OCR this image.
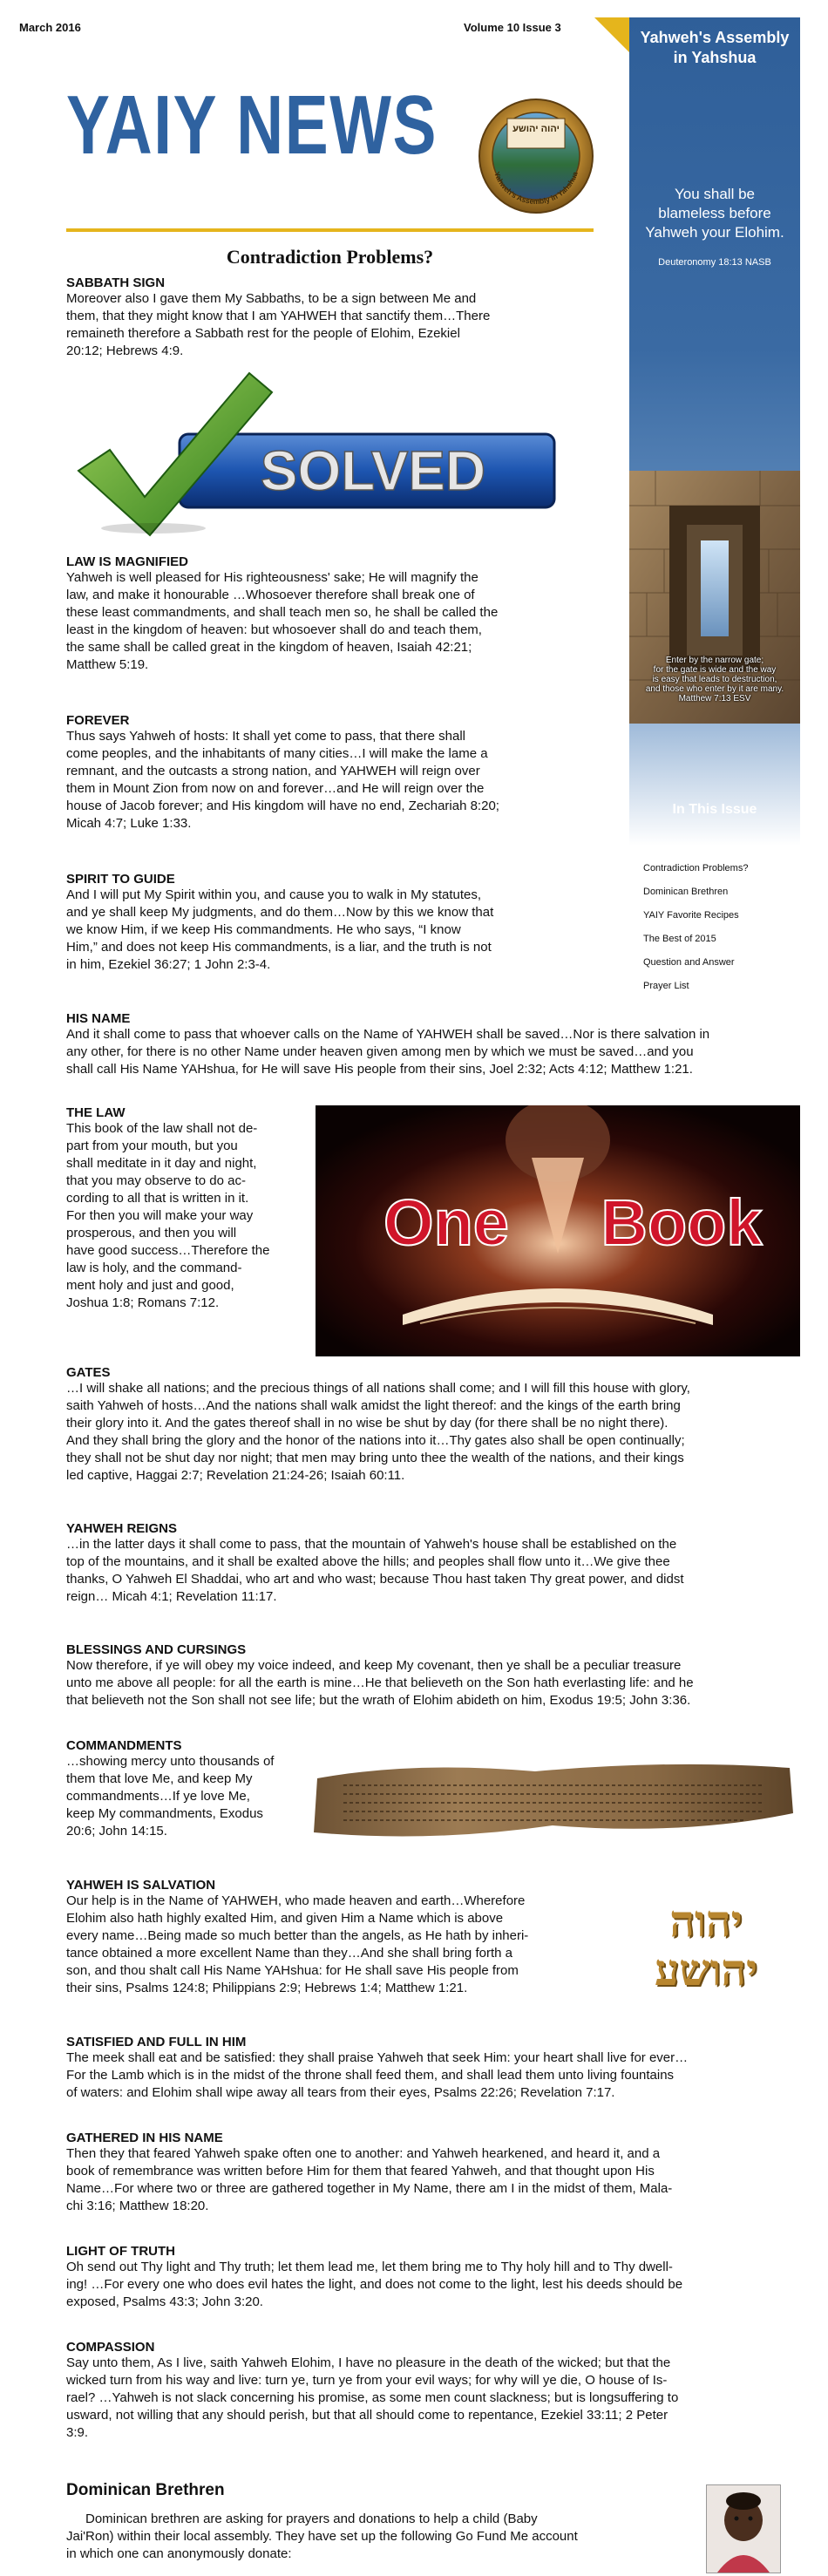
March 2016	Volume 10 Issue 3
YAIY NEWS	יהוה יהושע
Yahweh's Assembly in Yahshua
Contradiction Problems?
Yahweh's Assembly
in Yahshua
You shall be
blameless before
Yahweh your Elohim.
Deuteronomy 18:13 NASB
Enter by the narrow gate;
for the gate is wide and the way
is easy that leads to destruction,
and those who enter by it are many.
Matthew 7:13 ESV
In This Issue

Contradiction Problems?

Dominican Brethren

YAIY Favorite Recipes

The Best of 2015

Question and Answer

Prayer List

SOLVED
SABBATH SIGN

Moreover also I gave them My Sabbaths, to be a sign between Me and

them, that they might know that I am YAHWEH that sanctify them…There

remaineth therefore a Sabbath rest for the people of Elohim, Ezekiel

20:12; Hebrews 4:9.

LAW IS MAGNIFIED

Yahweh is well pleased for His righteousness' sake; He will magnify the

law, and make it honourable …Whosoever therefore shall break one of

these least commandments, and shall teach men so, he shall be called the

least in the kingdom of heaven: but whosoever shall do and teach them,

the same shall be called great in the kingdom of heaven, Isaiah 42:21;

Matthew 5:19.

FOREVER

Thus says Yahweh of hosts: It shall yet come to pass, that there shall

come peoples, and the inhabitants of many cities…I will make the lame a

remnant, and the outcasts a strong nation, and YAHWEH will reign over

them in Mount Zion from now on and forever…and He will reign over the

house of Jacob forever; and His kingdom will have no end, Zechariah 8:20;

Micah 4:7; Luke 1:33.

SPIRIT TO GUIDE

And I will put My Spirit within you, and cause you to walk in My statutes,

and ye shall keep My judgments, and do them…Now by this we know that

we know Him, if we keep His commandments. He who says, “I know

Him,” and does not keep His commandments, is a liar, and the truth is not

in him, Ezekiel 36:27; 1 John 2:3-4.

HIS NAME

And it shall come to pass that whoever calls on the Name of YAHWEH shall be saved…Nor is there salvation in

any other, for there is no other Name under heaven given among men by which we must be saved…and you

shall call His Name YAHshua, for He will save His people from their sins, Joel 2:32; Acts 4:12; Matthew 1:21.

THE LAW

This book of the law shall not de-

part from your mouth, but you

shall meditate in it day and night,

that you may observe to do ac-

cording to all that is written in it.

For then you will make your way

prosperous, and then you will

have good success…Therefore the

law is holy, and the command-

ment holy and just and good,

Joshua 1:8; Romans 7:12.

One Book
GATES

…I will shake all nations; and the precious things of all nations shall come; and I will fill this house with glory,

saith Yahweh of hosts…And the nations shall walk amidst the light thereof: and the kings of the earth bring

their glory into it. And the gates thereof shall in no wise be shut by day (for there shall be no night there).

And they shall bring the glory and the honor of the nations into it…Thy gates also shall be open continually;

they shall not be shut day nor night; that men may bring unto thee the wealth of the nations, and their kings

led captive, Haggai 2:7; Revelation 21:24-26; Isaiah 60:11.

YAHWEH REIGNS

…in the latter days it shall come to pass, that the mountain of Yahweh's house shall be established on the

top of the mountains, and it shall be exalted above the hills; and peoples shall flow unto it…We give thee

thanks, O Yahweh El Shaddai, who art and who wast; because Thou hast taken Thy great power, and didst

reign… Micah 4:1; Revelation 11:17.

BLESSINGS AND CURSINGS

Now therefore, if ye will obey my voice indeed, and keep My covenant, then ye shall be a peculiar treasure

unto me above all people: for all the earth is mine…He that believeth on the Son hath everlasting life: and he

that believeth not the Son shall not see life; but the wrath of Elohim abideth on him, Exodus 19:5; John 3:36.

COMMANDMENTS

…showing mercy unto thousands of

them that love Me, and keep My

commandments…If ye love Me,

keep My commandments, Exodus

20:6; John 14:15.

YAHWEH IS SALVATION

Our help is in the Name of YAHWEH, who made heaven and earth…Wherefore

Elohim also hath highly exalted Him, and given Him a Name which is above

every name…Being made so much better than the angels, as He hath by inheri-

tance obtained a more excellent Name than they…And she shall bring forth a

son, and thou shalt call His Name YAHshua: for He shall save His people from

their sins, Psalms 124:8; Philippians 2:9; Hebrews 1:4; Matthew 1:21.

יהוה
יהושע
SATISFIED AND FULL IN HIM

The meek shall eat and be satisfied: they shall praise Yahweh that seek Him: your heart shall live for ever…

For the Lamb which is in the midst of the throne shall feed them, and shall lead them unto living fountains

of waters: and Elohim shall wipe away all tears from their eyes, Psalms 22:26; Revelation 7:17.

GATHERED IN HIS NAME

Then they that feared Yahweh spake often one to another: and Yahweh hearkened, and heard it, and a

book of remembrance was written before Him for them that feared Yahweh, and that thought upon His

Name…For where two or three are gathered together in My Name, there am I in the midst of them, Mala-

chi 3:16; Matthew 18:20.

LIGHT OF TRUTH

Oh send out Thy light and Thy truth; let them lead me, let them bring me to Thy holy hill and to Thy dwell-

ing! …For every one who does evil hates the light, and does not come to the light, lest his deeds should be

exposed, Psalms 43:3; John 3:20.

COMPASSION

Say unto them, As I live, saith Yahweh Elohim, I have no pleasure in the death of the wicked; but that the

wicked turn from his way and live: turn ye, turn ye from your evil ways; for why will ye die, O house of Is-

rael? …Yahweh is not slack concerning his promise, as some men count slackness; but is longsuffering to

usward, not willing that any should perish, but that all should come to repentance, Ezekiel 33:11; 2 Peter

3:9.

Dominican Brethren

Dominican brethren are asking for prayers and donations to help a child (Baby

Jai'Ron) within their local assembly. They have set up the following Go Fund Me account

in which one can anonymously donate:
